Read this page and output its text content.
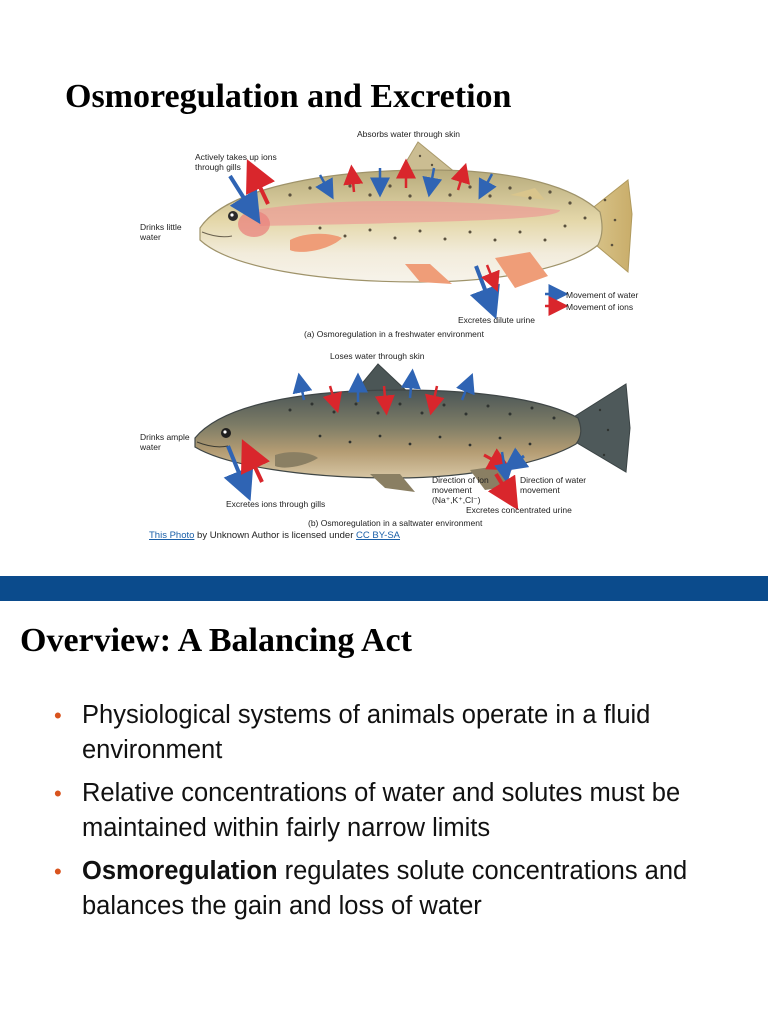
Osmoregulation and Excretion
Absorbs water through skin
Actively takes up ions
through gills
Drinks little
water
Movement of water
Movement of ions
Excretes dilute urine
(a) Osmoregulation in a freshwater environment
Loses water through skin
Drinks ample
water
Direction of ion
movement
(Na⁺,K⁺,Cl⁻)
Direction of water
movement
Excretes ions through gills
Excretes concentrated urine
(b) Osmoregulation in a saltwater environment
This Photo by Unknown Author is licensed under CC BY-SA
Overview: A Balancing Act
• Physiological systems of animals operate in a fluid environment
• Relative concentrations of water and solutes must be maintained within fairly narrow limits
• Osmoregulation regulates solute concentrations and balances the gain and loss of water
